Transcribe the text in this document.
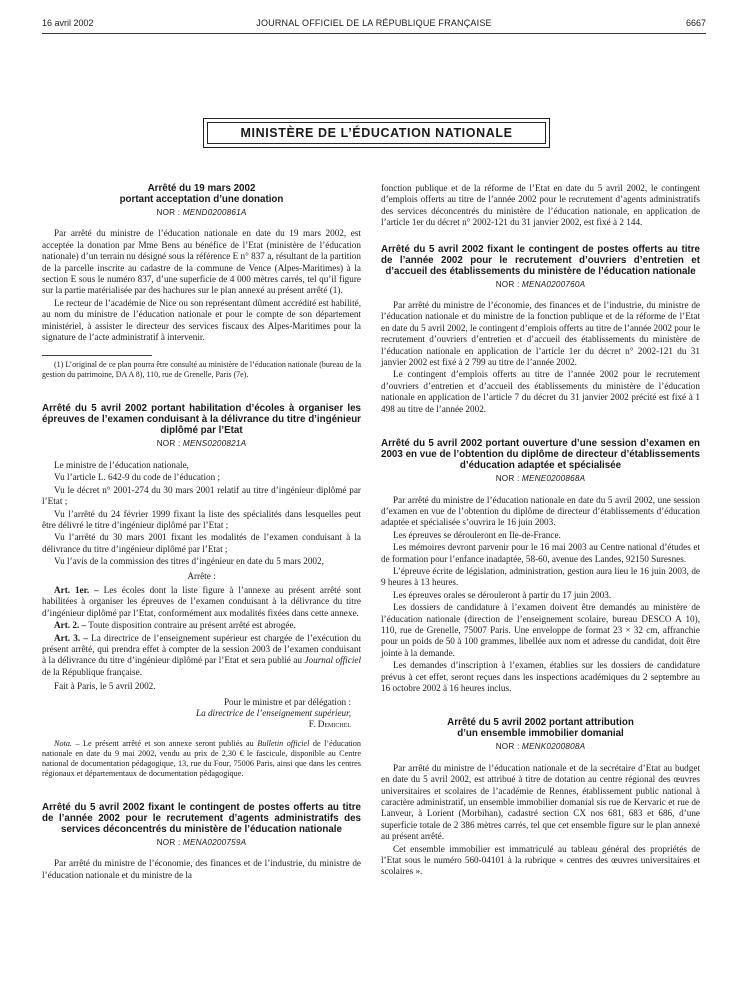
16 avril 2002	JOURNAL OFFICIEL DE LA RÉPUBLIQUE FRANÇAISE	6667
MINISTÈRE DE L’ÉDUCATION NATIONALE
Arrêté du 19 mars 2002
portant acceptation d’une donation
NOR : MEND0200861A

Par arrêté du ministre de l’éducation nationale en date du 19 mars 2002, est acceptée la donation par Mme Bens au bénéfice de l’Etat (ministère de l’éducation nationale) d’un terrain nu désigné sous la référence E n° 837 a, résultant de la partition de la parcelle inscrite au cadastre de la commune de Vence (Alpes-Maritimes) à la section E sous le numéro 837, d’une superficie de 4 000 mètres carrés, tel qu’il figure sur la partie matérialisée par des hachures sur le plan annexé au présent arrêté (1).

Le recteur de l’académie de Nice ou son représentant dûment accrédité est habilité, au nom du ministre de l’éducation nationale et pour le compte de son département ministériel, à assister le directeur des services fiscaux des Alpes-Maritimes pour la signature de l’acte administratif à intervenir.

(1) L’original de ce plan pourra être consulté au ministère de l’éducation nationale (bureau de la gestion du patrimoine, DA A 8), 110, rue de Grenelle, Paris (7e).

Arrêté du 5 avril 2002 portant habilitation d’écoles à organiser les épreuves de l’examen conduisant à la délivrance du titre d’ingénieur diplômé par l’Etat
NOR : MENS0200821A

Le ministre de l’éducation nationale,

Vu l’article L. 642-9 du code de l’éducation ;

Vu le décret n° 2001-274 du 30 mars 2001 relatif au titre d’ingénieur diplômé par l’Etat ;

Vu l’arrêté du 24 février 1999 fixant la liste des spécialités dans lesquelles peut être délivré le titre d’ingénieur diplômé par l’Etat ;

Vu l’arrêté du 30 mars 2001 fixant les modalités de l’examen conduisant à la délivrance du titre d’ingénieur diplômé par l’Etat ;

Vu l’avis de la commission des titres d’ingénieur en date du 5 mars 2002,

Arrête :

Art. 1er. – Les écoles dont la liste figure à l’annexe au présent arrêté sont habilitées à organiser les épreuves de l’examen conduisant à la délivrance du titre d’ingénieur diplômé par l’Etat, conformément aux modalités fixées dans cette annexe.

Art. 2. – Toute disposition contraire au présent arrêté est abrogée.

Art. 3. – La directrice de l’enseignement supérieur est chargée de l’exécution du présent arrêté, qui prendra effet à compter de la session 2003 de l’examen conduisant à la délivrance du titre d’ingénieur diplômé par l’Etat et sera publié au Journal officiel de la République française.

Fait à Paris, le 5 avril 2002.

Pour le ministre et par délégation :
La directrice de l’enseignement supérieur,
F. Demichel

Nota. – Le présent arrêté et son annexe seront publiés au Bulletin officiel de l’éducation nationale en date du 9 mai 2002, vendu au prix de 2,30 € le fascicule, disponible au Centre national de documentation pédagogique, 13, rue du Four, 75006 Paris, ainsi que dans les centres régionaux et départementaux de documentation pédagogique.

Arrêté du 5 avril 2002 fixant le contingent de postes offerts au titre de l’année 2002 pour le recrutement d’agents administratifs des services déconcentrés du ministère de l’éducation nationale
NOR : MENA0200759A

Par arrêté du ministre de l’économie, des finances et de l’industrie, du ministre de l’éducation nationale et du ministre de la

fonction publique et de la réforme de l’Etat en date du 5 avril 2002, le contingent d’emplois offerts au titre de l’année 2002 pour le recrutement d’agents administratifs des services déconcentrés du ministère de l’éducation nationale, en application de l’article 1er du décret n° 2002-121 du 31 janvier 2002, est fixé à 2 144.

Arrêté du 5 avril 2002 fixant le contingent de postes offerts au titre de l’année 2002 pour le recrutement d’ouvriers d’entretien et d’accueil des établissements du ministère de l’éducation nationale
NOR : MENA0200760A

Par arrêté du ministre de l’économie, des finances et de l’industrie, du ministre de l’éducation nationale et du ministre de la fonction publique et de la réforme de l’Etat en date du 5 avril 2002, le contingent d’emplois offerts au titre de l’année 2002 pour le recrutement d’ouvriers d’entretien et d’accueil des établissements du ministère de l’éducation nationale en application de l’article 1er du décret n° 2002-121 du 31 janvier 2002 est fixé à 2 799 au titre de l’année 2002.

Le contingent d’emplois offerts au titre de l’année 2002 pour le recrutement d’ouvriers d’entretien et d’accueil des établissements du ministère de l’éducation nationale en application de l’article 7 du décret du 31 janvier 2002 précité est fixé à 1 498 au titre de l’année 2002.

Arrêté du 5 avril 2002 portant ouverture d’une session d’examen en 2003 en vue de l’obtention du diplôme de directeur d’établissements d’éducation adaptée et spécialisée
NOR : MENE0200868A

Par arrêté du ministre de l’éducation nationale en date du 5 avril 2002, une session d’examen en vue de l’obtention du diplôme de directeur d’établissements d’éducation adaptée et spécialisée s’ouvrira le 16 juin 2003.

Les épreuves se dérouleront en Ile-de-France.

Les mémoires devront parvenir pour le 16 mai 2003 au Centre national d’études et de formation pour l’enfance inadaptée, 58-60, avenue des Landes, 92150 Suresnes.

L’épreuve écrite de législation, administration, gestion aura lieu le 16 juin 2003, de 9 heures à 13 heures.

Les épreuves orales se dérouleront à partir du 17 juin 2003.

Les dossiers de candidature à l’examen doivent être demandés au ministère de l’éducation nationale (direction de l’enseignement scolaire, bureau DESCO A 10), 110, rue de Grenelle, 75007 Paris. Une enveloppe de format 23 × 32 cm, affranchie pour un poids de 50 à 100 grammes, libellée aux nom et adresse du candidat, doit être jointe à la demande.

Les demandes d’inscription à l’examen, établies sur les dossiers de candidature prévus à cet effet, seront reçues dans les inspections académiques du 2 septembre au 16 octobre 2002 à 16 heures inclus.

Arrêté du 5 avril 2002 portant attribution
d’un ensemble immobilier domanial
NOR : MENK0200808A

Par arrêté du ministre de l’éducation nationale et de la secrétaire d’Etat au budget en date du 5 avril 2002, est attribué à titre de dotation au centre régional des œuvres universitaires et scolaires de l’académie de Rennes, établissement public national à caractère administratif, un ensemble immobilier domanial sis rue de Kervaric et rue de Lanveur, à Lorient (Morbihan), cadastré section CX nos 681, 683 et 686, d’une superficie totale de 2 386 mètres carrés, tel que cet ensemble figure sur le plan annexé au présent arrêté.

Cet ensemble immobilier est immatriculé au tableau général des propriétés de l’Etat sous le numéro 560-04101 à la rubrique « centres des œuvres universitaires et scolaires ».
